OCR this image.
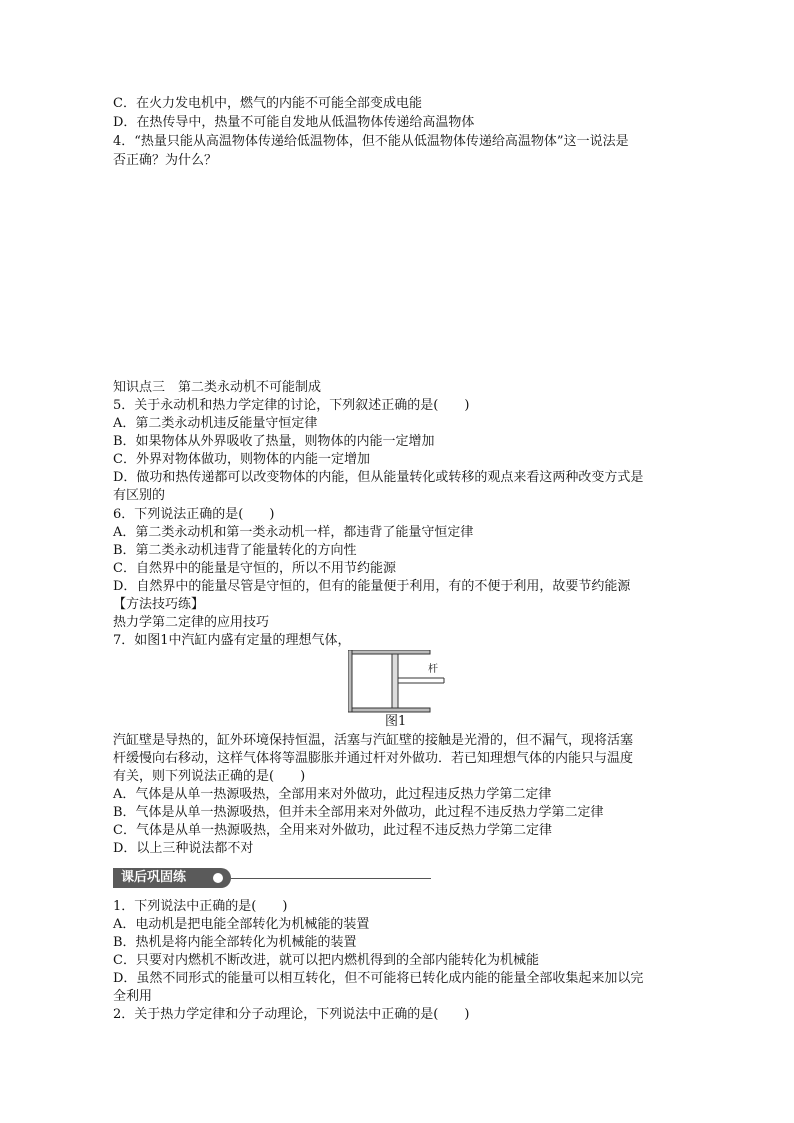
C．在火力发电机中，燃气的内能不可能全部变成电能
D．在热传导中，热量不可能自发地从低温物体传递给高温物体
4．“热量只能从高温物体传递给低温物体，但不能从低温物体传递给高温物体”这一说法是
否正确？为什么？
知识点三　第二类永动机不可能制成
5．关于永动机和热力学定律的讨论，下列叙述正确的是(　　)
A．第二类永动机违反能量守恒定律
B．如果物体从外界吸收了热量，则物体的内能一定增加
C．外界对物体做功，则物体的内能一定增加
D．做功和热传递都可以改变物体的内能，但从能量转化或转移的观点来看这两种改变方式是
有区别的
6．下列说法正确的是(　　)
A．第二类永动机和第一类永动机一样，都违背了能量守恒定律
B．第二类永动机违背了能量转化的方向性
C．自然界中的能量是守恒的，所以不用节约能源
D．自然界中的能量尽管是守恒的，但有的能量便于利用，有的不便于利用，故要节约能源
【方法技巧练】
热力学第二定律的应用技巧
7．如图1中汽缸内盛有定量的理想气体，
杆
图1
汽缸壁是导热的，缸外环境保持恒温，活塞与汽缸壁的接触是光滑的，但不漏气，现将活塞
杆缓慢向右移动，这样气体将等温膨胀并通过杆对外做功．若已知理想气体的内能只与温度
有关，则下列说法正确的是(　　)
A．气体是从单一热源吸热，全部用来对外做功，此过程违反热力学第二定律
B．气体是从单一热源吸热，但并未全部用来对外做功，此过程不违反热力学第二定律
C．气体是从单一热源吸热，全用来对外做功，此过程不违反热力学第二定律
D．以上三种说法都不对
课后巩固练
1．下列说法中正确的是(　　)
A．电动机是把电能全部转化为机械能的装置
B．热机是将内能全部转化为机械能的装置
C．只要对内燃机不断改进，就可以把内燃机得到的全部内能转化为机械能
D．虽然不同形式的能量可以相互转化，但不可能将已转化成内能的能量全部收集起来加以完
全利用
2．关于热力学定律和分子动理论，下列说法中正确的是(　　)
